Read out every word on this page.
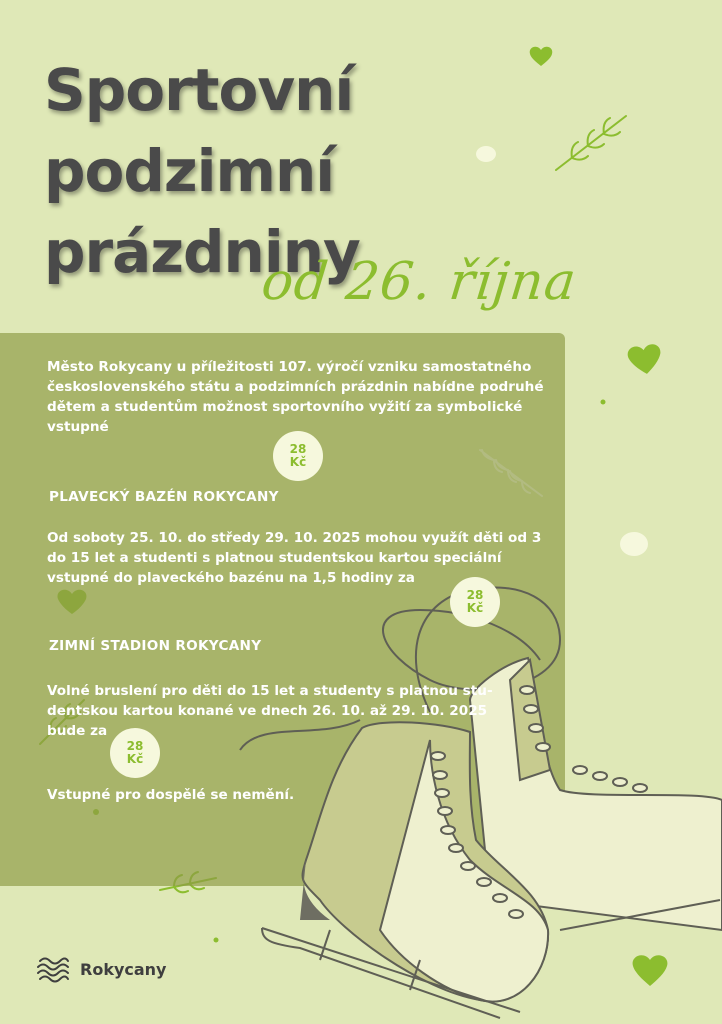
Sportovní
podzimní
prázdniny
od 26. října
Město Rokycany u příležitosti 107. výročí vzniku samostatného československého státu a podzimních prázdnin nabídne podruhé dětem a studentům možnost sportovního vyžití za symbolické vstupné
28
Kč
PLAVECKÝ BAZÉN ROKYCANY
Od soboty 25. 10. do středy 29. 10. 2025 mohou využít děti od 3 do 15 let a studenti s platnou studentskou kartou speciální vstupné do plaveckého bazénu na 1,5 hodiny za
28
Kč
ZIMNÍ STADION ROKYCANY
Volné bruslení pro děti do 15 let a studenty s platnou studentskou kartou konané ve dnech 26. 10. až 29. 10. 2025 bude za
28
Kč
Vstupné pro dospělé se nemění.
Rokycany
